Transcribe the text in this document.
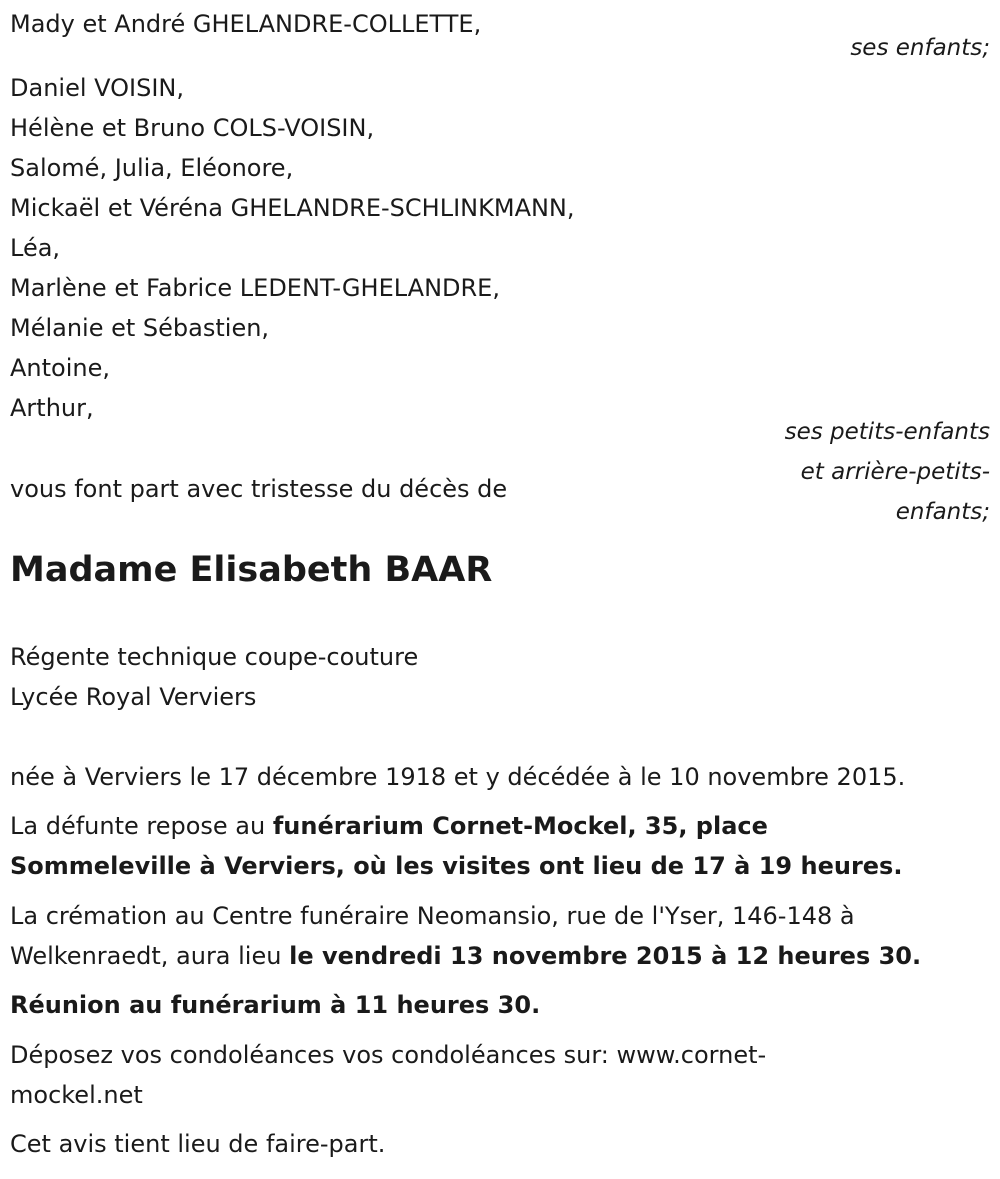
Mady et André GHELANDRE-COLLETTE,
ses enfants;
Daniel VOISIN,
Hélène et Bruno COLS-VOISIN,
Salomé, Julia, Eléonore,
Mickaël et Véréna GHELANDRE-SCHLINKMANN,
Léa,
Marlène et Fabrice LEDENT-GHELANDRE,
Mélanie et Sébastien,
Antoine,
Arthur,
ses petits-enfants
et arrière-petits-
enfants;
vous font part avec tristesse du décès de
Madame Elisabeth BAAR
Régente technique coupe-couture
Lycée Royal Verviers
née à Verviers le 17 décembre 1918 et y décédée à le 10 novembre 2015.
La défunte repose au funérarium Cornet-Mockel, 35, place
Sommeleville à Verviers, où les visites ont lieu de 17 à 19 heures.
La crémation au Centre funéraire Neomansio, rue de l'Yser, 146-148 à
Welkenraedt, aura lieu le vendredi 13 novembre 2015 à 12 heures 30.
Réunion au funérarium à 11 heures 30.
Déposez vos condoléances vos condoléances sur: www.cornet-
mockel.net
Cet avis tient lieu de faire-part.
